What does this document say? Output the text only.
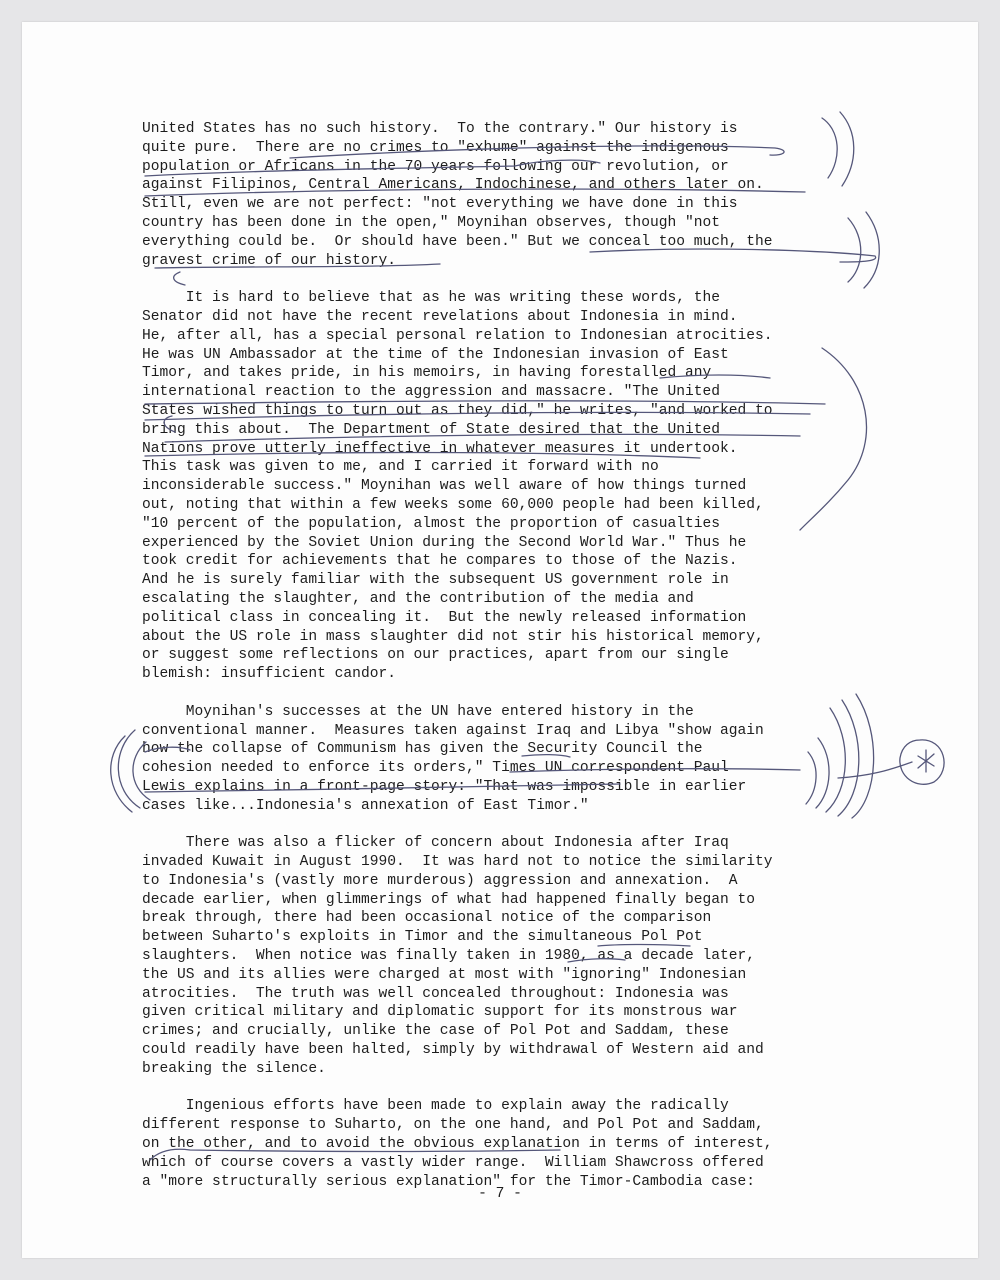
United States has no such history.  To the contrary." Our history is
quite pure.  There are no crimes to "exhume" against the indigenous
population or Africans in the 70 years following our revolution, or
against Filipinos, Central Americans, Indochinese, and others later on.
Still, even we are not perfect: "not everything we have done in this
country has been done in the open," Moynihan observes, though "not
everything could be.  Or should have been." But we conceal too much, the
gravest crime of our history.
It is hard to believe that as he was writing these words, the
Senator did not have the recent revelations about Indonesia in mind.
He, after all, has a special personal relation to Indonesian atrocities.
He was UN Ambassador at the time of the Indonesian invasion of East
Timor, and takes pride, in his memoirs, in having forestalled any
international reaction to the aggression and massacre. "The United
States wished things to turn out as they did," he writes, "and worked to
bring this about.  The Department of State desired that the United
Nations prove utterly ineffective in whatever measures it undertook.
This task was given to me, and I carried it forward with no
inconsiderable success." Moynihan was well aware of how things turned
out, noting that within a few weeks some 60,000 people had been killed,
"10 percent of the population, almost the proportion of casualties
experienced by the Soviet Union during the Second World War." Thus he
took credit for achievements that he compares to those of the Nazis.
And he is surely familiar with the subsequent US government role in
escalating the slaughter, and the contribution of the media and
political class in concealing it.  But the newly released information
about the US role in mass slaughter did not stir his historical memory,
or suggest some reflections on our practices, apart from our single
blemish: insufficient candor.
Moynihan's successes at the UN have entered history in the
conventional manner.  Measures taken against Iraq and Libya "show again
how the collapse of Communism has given the Security Council the
cohesion needed to enforce its orders," Times UN correspondent Paul
Lewis explains in a front-page story: "That was impossible in earlier
cases like...Indonesia's annexation of East Timor."
There was also a flicker of concern about Indonesia after Iraq
invaded Kuwait in August 1990.  It was hard not to notice the similarity
to Indonesia's (vastly more murderous) aggression and annexation.  A
decade earlier, when glimmerings of what had happened finally began to
break through, there had been occasional notice of the comparison
between Suharto's exploits in Timor and the simultaneous Pol Pot
slaughters.  When notice was finally taken in 1980, as a decade later,
the US and its allies were charged at most with "ignoring" Indonesian
atrocities.  The truth was well concealed throughout: Indonesia was
given critical military and diplomatic support for its monstrous war
crimes; and crucially, unlike the case of Pol Pot and Saddam, these
could readily have been halted, simply by withdrawal of Western aid and
breaking the silence.
Ingenious efforts have been made to explain away the radically
different response to Suharto, on the one hand, and Pol Pot and Saddam,
on the other, and to avoid the obvious explanation in terms of interest,
which of course covers a vastly wider range.  William Shawcross offered
a "more structurally serious explanation" for the Timor-Cambodia case:
- 7 -
